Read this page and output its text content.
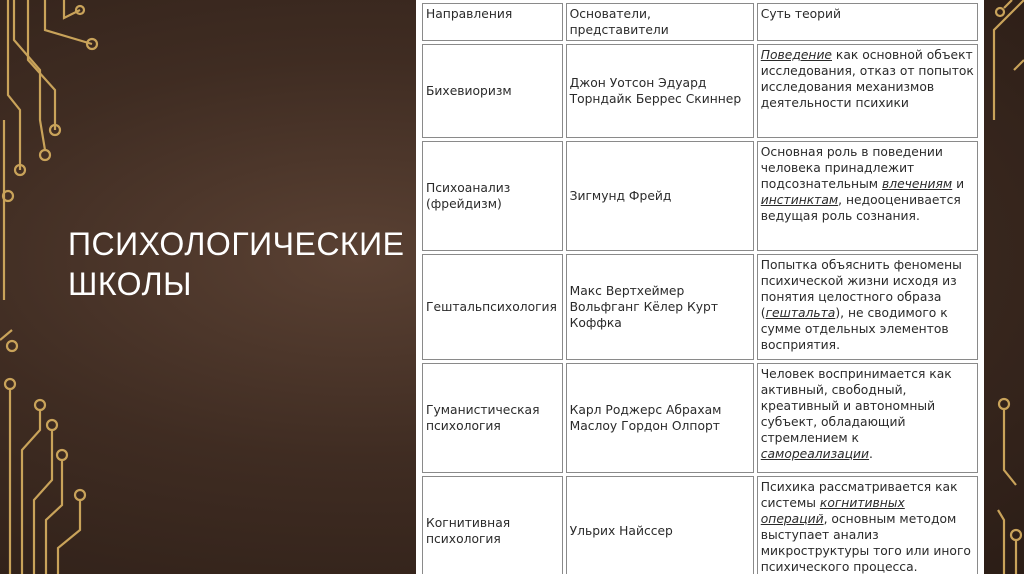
ПСИХОЛОГИЧЕСКИЕ ШКОЛЫ
Направления	Основатели, представители	Суть теорий
Бихевиоризм	Джон Уотсон Эдуард Торндайк Беррес Скиннер	Поведение как основной объект исследования, отказ от попыток исследования механизмов деятельности психики
Психоанализ (фрейдизм)	Зигмунд Фрейд	Основная роль в поведении человека принадлежит подсознательным влечениям и инстинктам, недооценивается ведущая роль сознания.
Гештальпсихология	Макс Вертхеймер Вольфганг Кёлер Курт Коффка	Попытка объяснить феномены психической жизни исходя из понятия целостного образа (гештальта), не сводимого к сумме отдельных элементов восприятия.
Гуманистическая психология	Карл Роджерс Абрахам Маслоу Гордон Олпорт	Человек воспринимается как активный, свободный, креативный и автономный субъект, обладающий стремлением к самореализации.
Когнитивная психология	Ульрих Найссер	Психика рассматривается как системы когнитивных операций, основным методом выступает анализ микроструктуры того или иного психического процесса.
